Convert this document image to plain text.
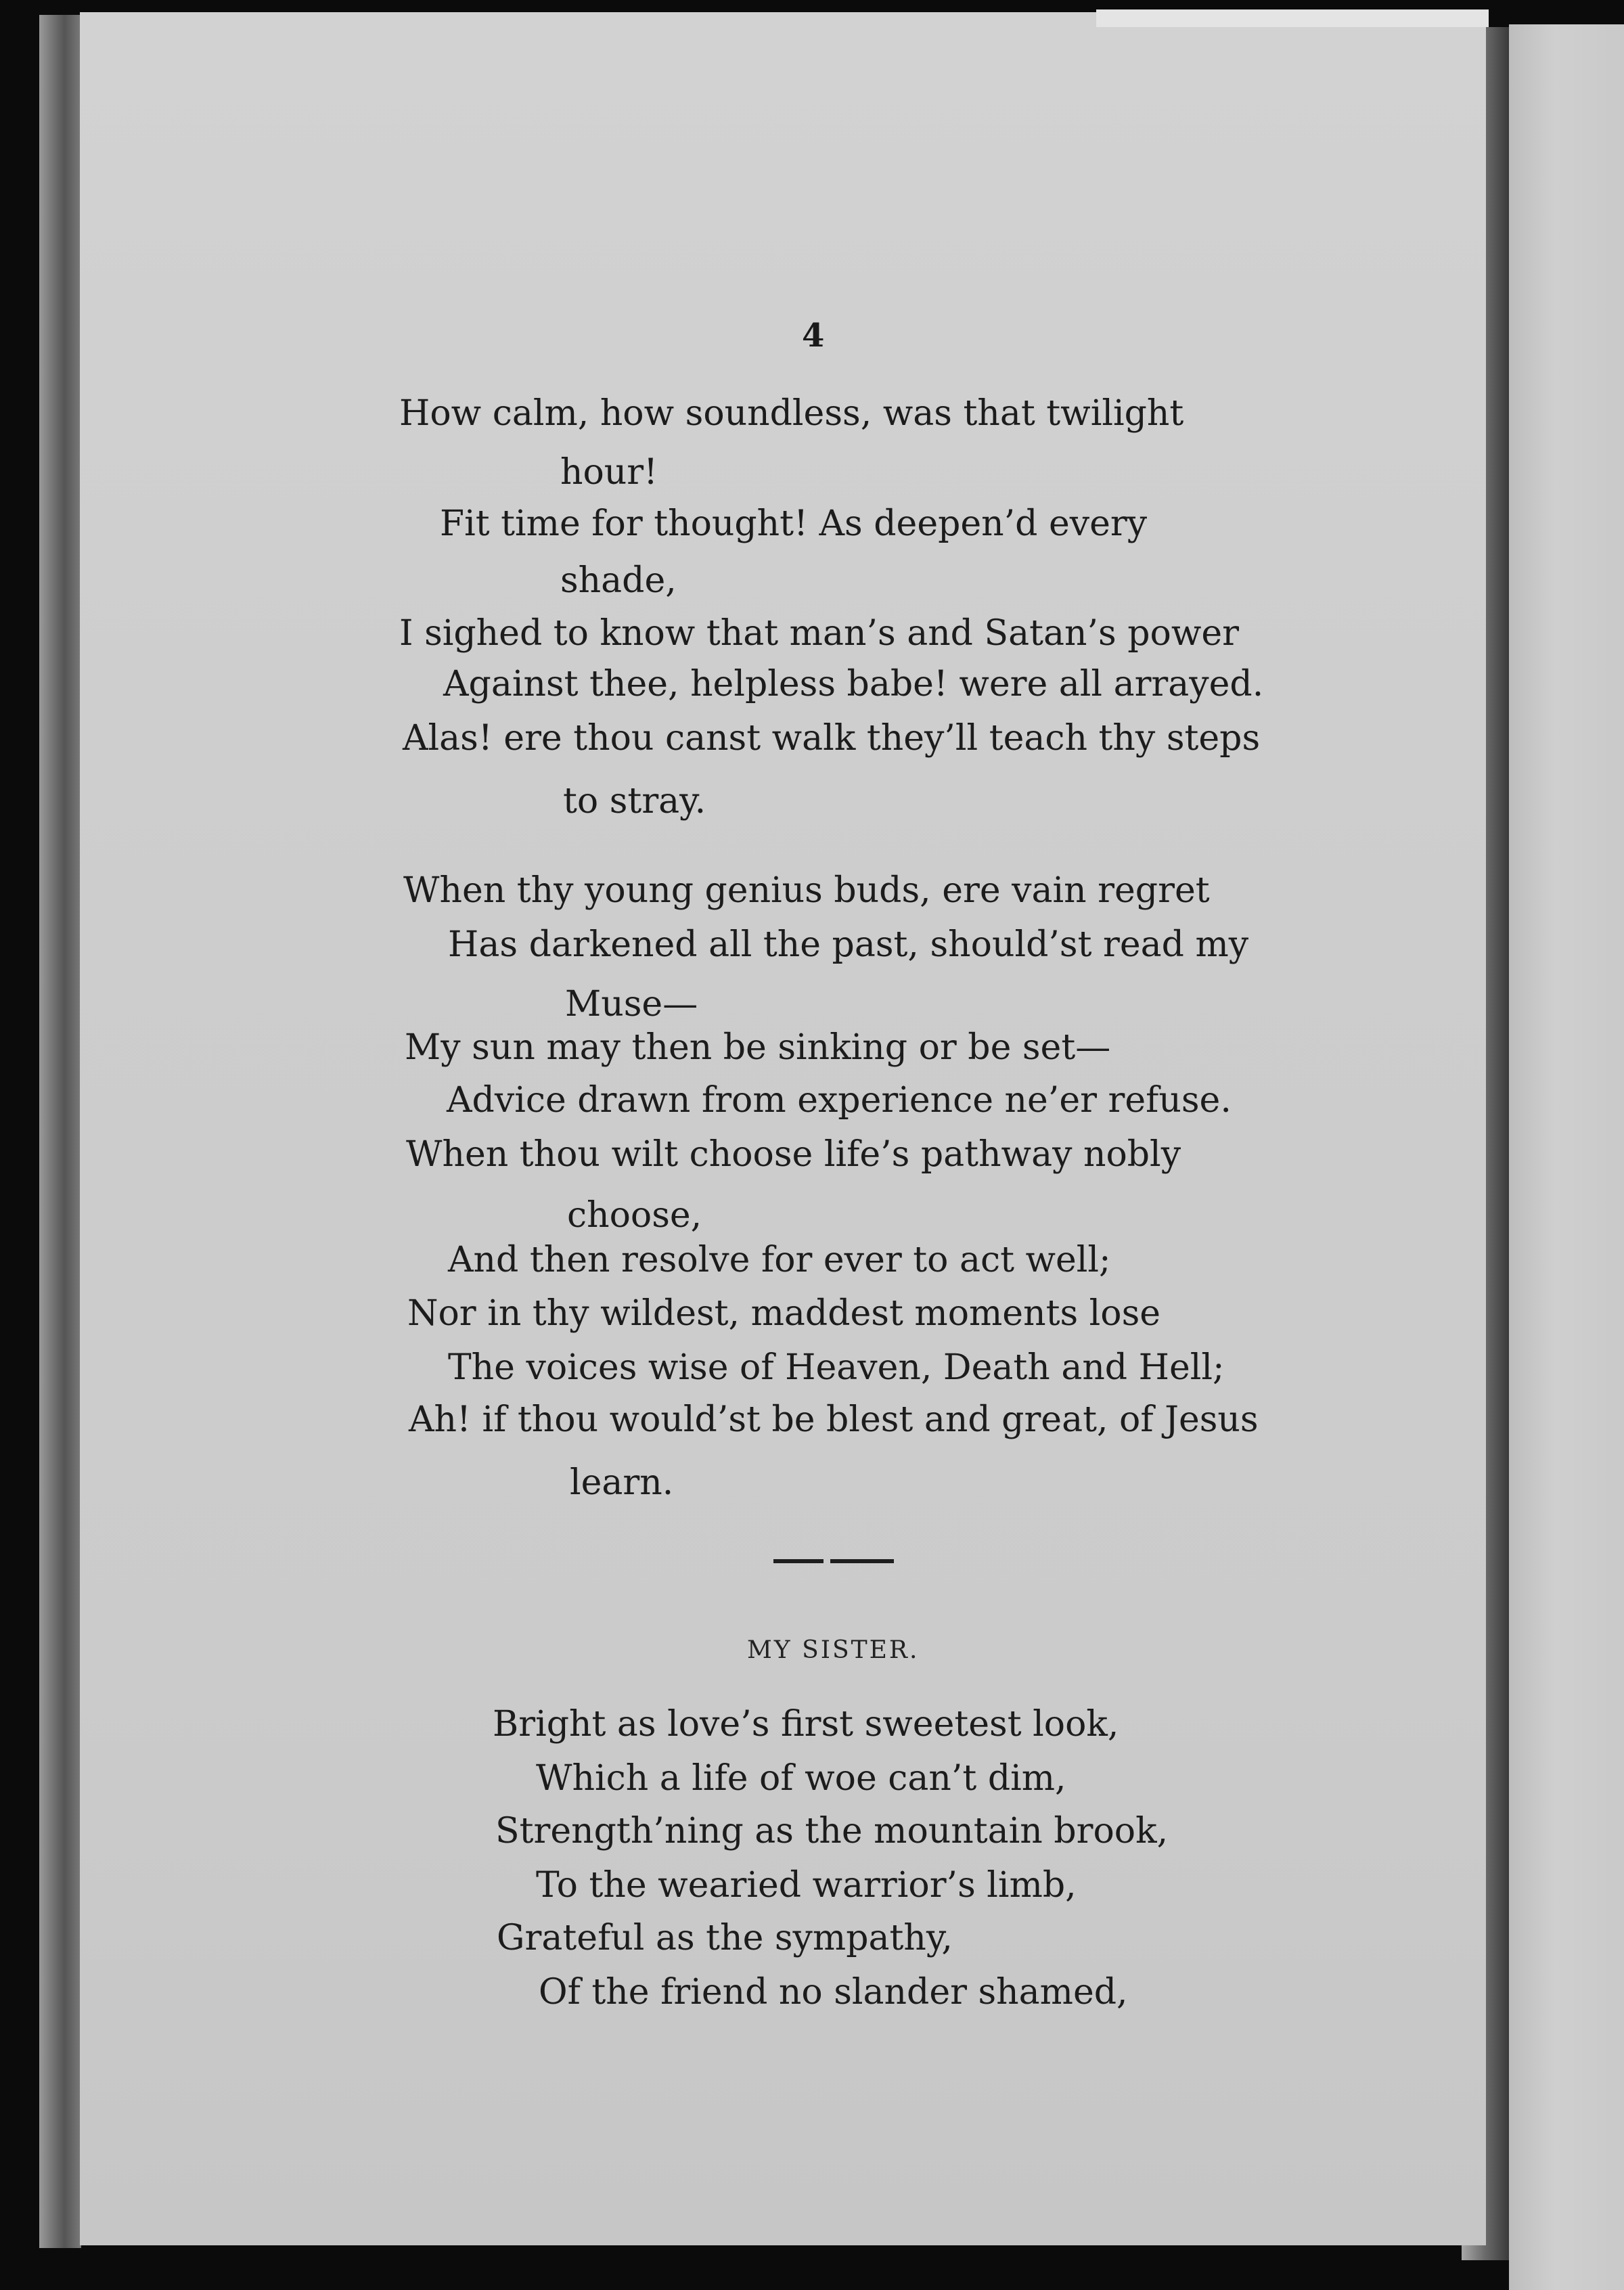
4
How calm, how soundless, was that twilight
hour!
Fit time for thought! As deepen’d every
shade,
I sighed to know that man’s and Satan’s power
Against thee, helpless babe! were all arrayed.
Alas! ere thou canst walk they’ll teach thy steps
to stray.
When thy young genius buds, ere vain regret
Has darkened all the past, should’st read my
Muse—
My sun may then be sinking or be set—
Advice drawn from experience ne’er refuse.
When thou wilt choose life’s pathway nobly
choose,
And then resolve for ever to act well;
Nor in thy wildest, maddest moments lose
The voices wise of Heaven, Death and Hell;
Ah! if thou would’st be blest and great, of Jesus
learn.
MY SISTER.
Bright as love’s first sweetest look,
Which a life of woe can’t dim,
Strength’ning as the mountain brook,
To the wearied warrior’s limb,
Grateful as the sympathy,
Of the friend no slander shamed,
